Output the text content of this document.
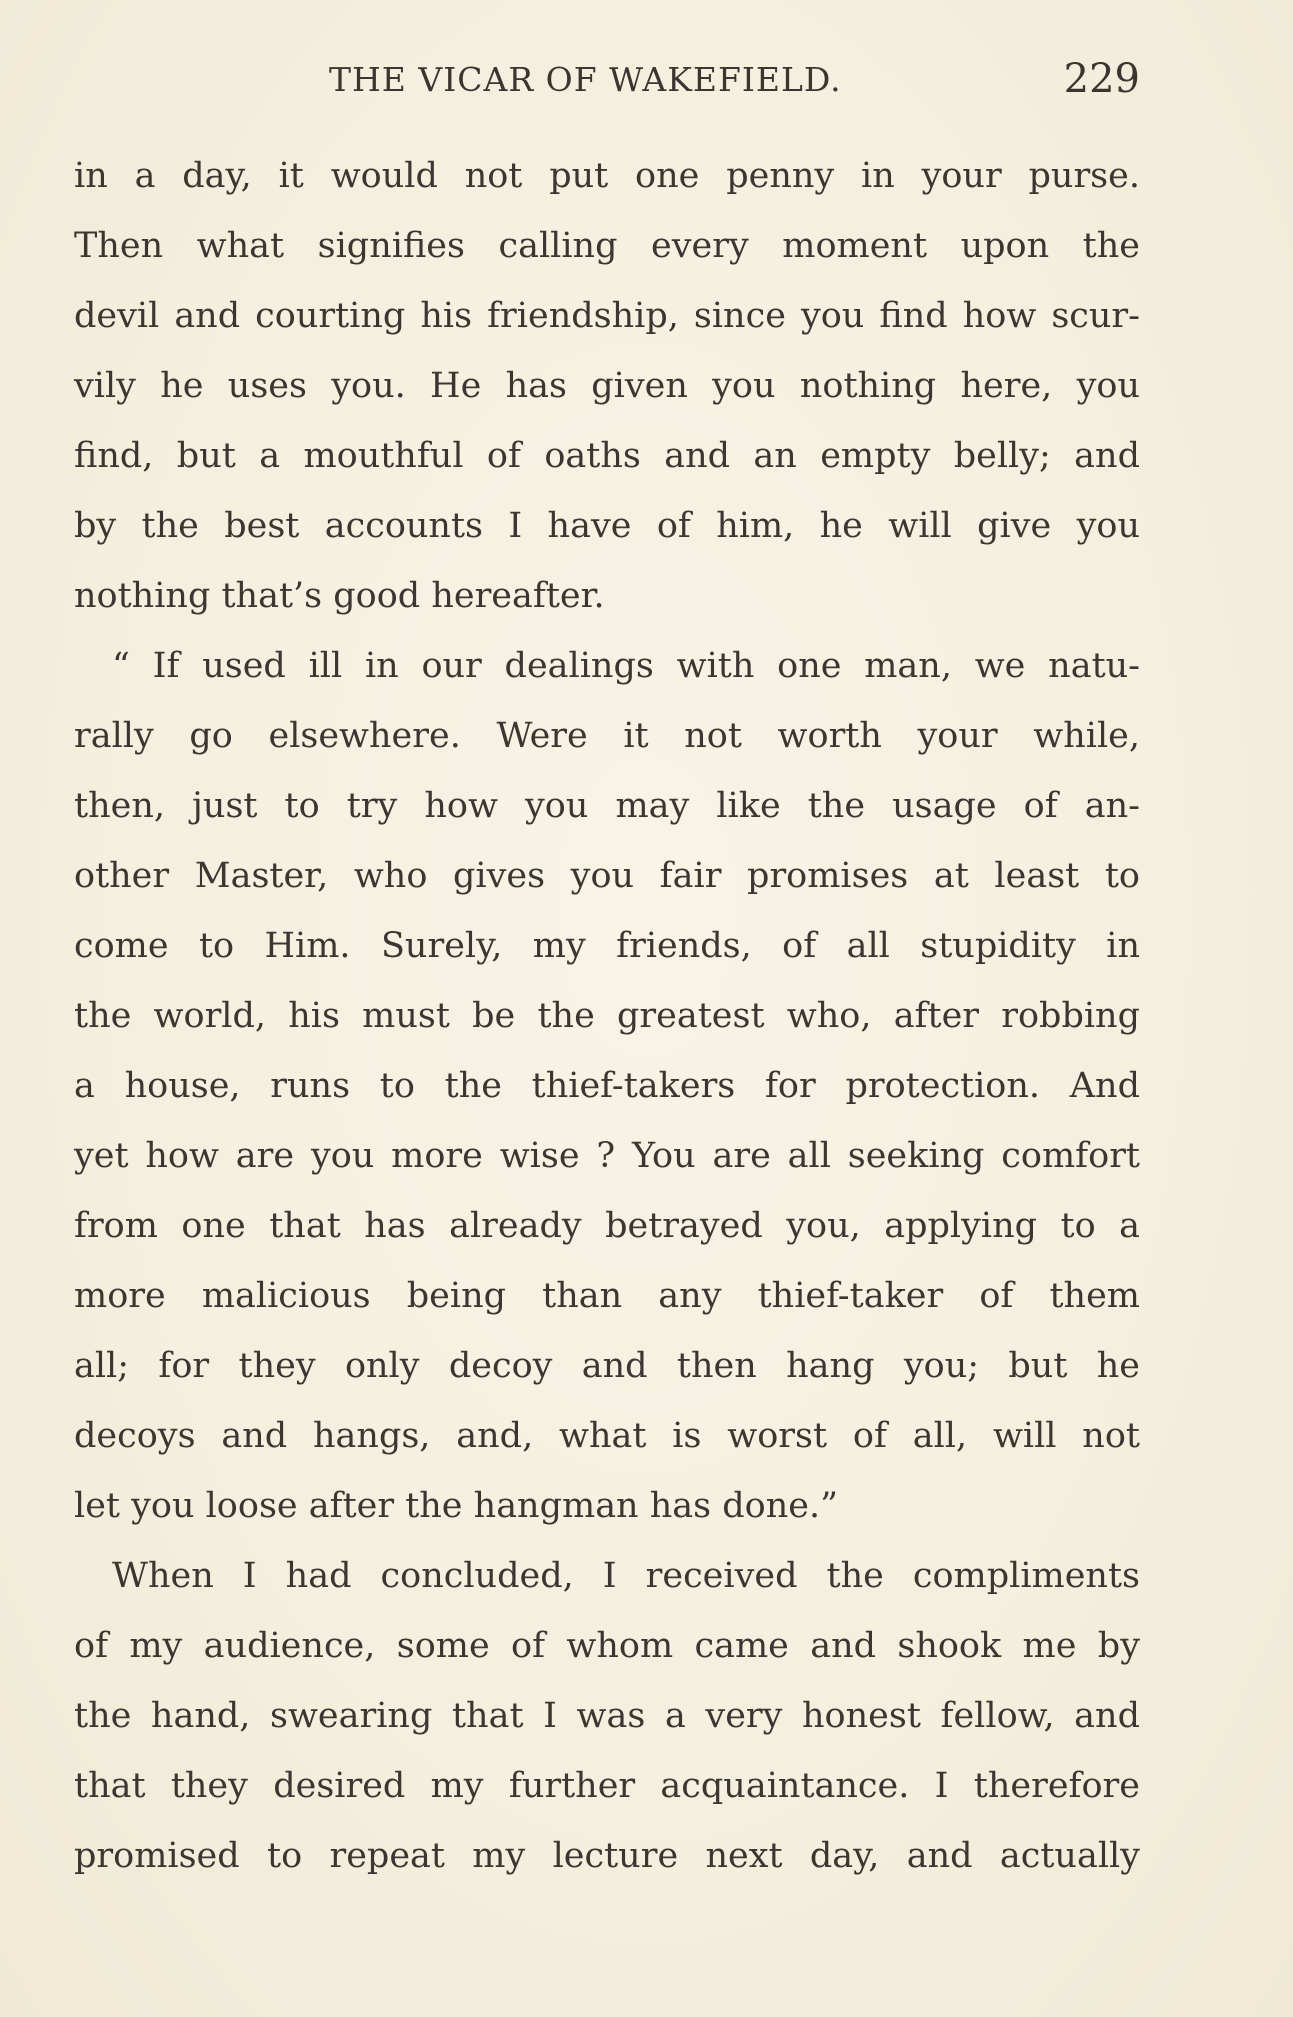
THE VICAR OF WAKEFIELD.	229
in a day, it would not put one penny in your purse.
Then what signifies calling every moment upon the
devil and courting his friendship, since you find how scur-
vily he uses you. He has given you nothing here, you
find, but a mouthful of oaths and an empty belly; and
by the best accounts I have of him, he will give you
nothing that’s good hereafter.
“ If used ill in our dealings with one man, we natu-
rally go elsewhere. Were it not worth your while,
then, just to try how you may like the usage of an-
other Master, who gives you fair promises at least to
come to Him. Surely, my friends, of all stupidity in
the world, his must be the greatest who, after robbing
a house, runs to the thief-takers for protection. And
yet how are you more wise ? You are all seeking comfort
from one that has already betrayed you, applying to a
more malicious being than any thief-taker of them
all; for they only decoy and then hang you; but he
decoys and hangs, and, what is worst of all, will not
let you loose after the hangman has done.”
When I had concluded, I received the compliments
of my audience, some of whom came and shook me by
the hand, swearing that I was a very honest fellow, and
that they desired my further acquaintance. I therefore
promised to repeat my lecture next day, and actually
